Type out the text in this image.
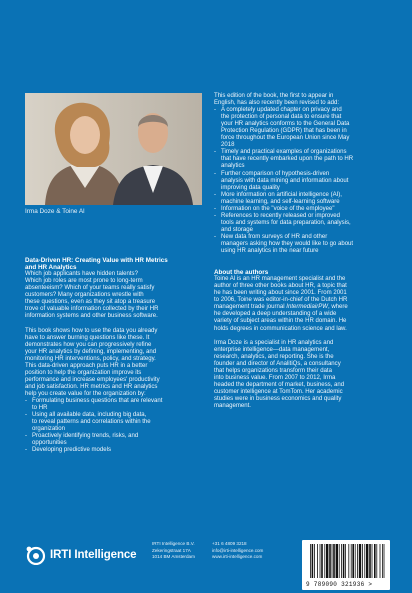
Irma Doze & Toine Al
Data-Driven HR: Creating Value with HR Metrics
and HR Analytics

Which job applicants have hidden talents?

Which job roles are most prone to long-term

absenteeism? Which of your teams really satisfy

customers? Many organizations wrestle with

these questions, even as they sit atop a treasure

trove of valuable information collected by their HR

information systems and other business software.

This book shows how to use the data you already

have to answer burning questions like these. It

demonstrates how you can progressively refine

your HR analytics by defining, implementing, and

monitoring HR interventions, policy, and strategy.

This data-driven approach puts HR in a better

position to help the organization improve its

performance and increase employees' productivity

and job satisfaction. HR metrics and HR analytics

help you create value for the organization by:

- Formulating business questions that are relevant
to HR
- Using all available data, including big data,
to reveal patterns and correlations within the
organization
- Proactively identifying trends, risks, and
opportunities
- Developing predictive models

This edition of the book, the first to appear in

English, has also recently been revised to add:

- A completely updated chapter on privacy and
the protection of personal data to ensure that
your HR analytics conforms to the General Data
Protection Regulation (GDPR) that has been in
force throughout the European Union since May
2018
- Timely and practical examples of organizations
that have recently embarked upon the path to HR
analytics
- Further comparison of hypothesis-driven
analysis with data mining and information about
improving data quality
- More information on artificial intelligence (AI),
machine learning, and self-learning software
- Information on the "voice of the employee"
- References to recently released or improved
tools and systems for data preparation, analysis,
and storage
- New data from surveys of HR and other
managers asking how they would like to go about
using HR analytics in the near future
About the authors

Toine Al is an HR management specialist and the

author of three other books about HR, a topic that

he has been writing about since 2001. From 2001

to 2006, Toine was editor-in-chief of the Dutch HR

management trade journal IntermediairPW, where

he developed a deep understanding of a wide

variety of subject areas within the HR domain. He

holds degrees in communication science and law.

Irma Doze is a specialist in HR analytics and

enterprise intelligence—data management,

research, analytics, and reporting. She is the

founder and director of AnalitiQs, a consultancy

that helps organizations transform their data

into business value. From 2007 to 2012, Irma

headed the department of market, business, and

customer intelligence at TomTom. Her academic

studies were in business economics and quality

management.

IRTI Intelligence
IRTI Intelligence B.V.
Zekeringstraat 17A
1014 BM Amsterdam
+31 6 4809 3218
info@irti-intelligence.com
www.irti-intelligence.com
9 789090 321936 >
